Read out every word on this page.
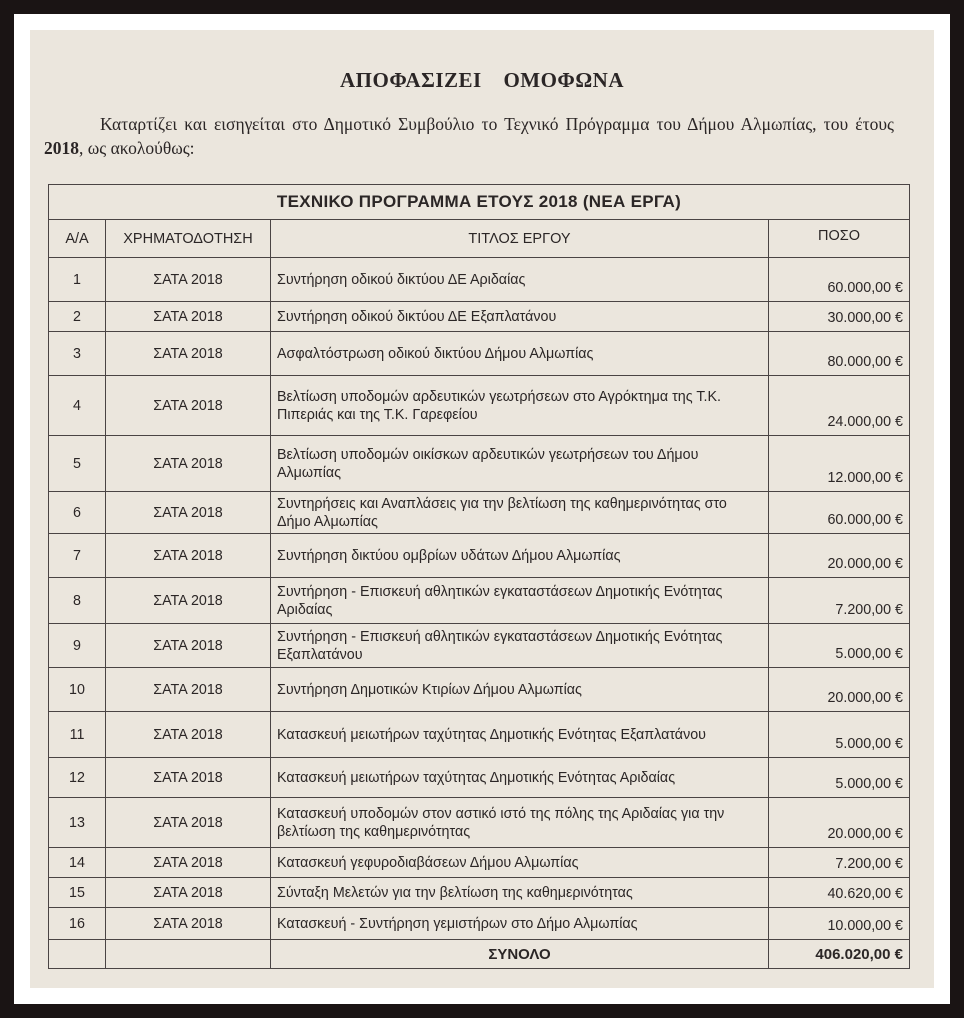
ΑΠΟΦΑΣΙΖΕΙ ΟΜΟΦΩΝΑ
Καταρτίζει και εισηγείται στο Δημοτικό Συμβούλιο το Τεχνικό Πρόγραμμα του Δήμου Αλμωπίας, του έτους 2018, ως ακολούθως:
ΤΕΧΝΙΚΟ ΠΡΟΓΡΑΜΜΑ ΕΤΟΥΣ 2018 (ΝΕΑ ΕΡΓΑ)			
Α/Α	ΧΡΗΜΑΤΟΔΟΤΗΣΗ	ΤΙΤΛΟΣ ΕΡΓΟΥ	ΠΟΣΟ
1	ΣΑΤΑ 2018	Συντήρηση οδικού δικτύου ΔΕ Αριδαίας	60.000,00 €
2	ΣΑΤΑ 2018	Συντήρηση οδικού δικτύου ΔΕ Εξαπλατάνου	30.000,00 €
3	ΣΑΤΑ 2018	Ασφαλτόστρωση οδικού δικτύου Δήμου Αλμωπίας	80.000,00 €
4	ΣΑΤΑ 2018	Βελτίωση υποδομών αρδευτικών γεωτρήσεων στο Αγρόκτημα της Τ.Κ. Πιπεριάς και της Τ.Κ. Γαρεφείου	24.000,00 €
5	ΣΑΤΑ 2018	Βελτίωση υποδομών οικίσκων αρδευτικών γεωτρήσεων του Δήμου Αλμωπίας	12.000,00 €
6	ΣΑΤΑ 2018	Συντηρήσεις και Αναπλάσεις για την βελτίωση της καθημερινότητας στο Δήμο Αλμωπίας	60.000,00 €
7	ΣΑΤΑ 2018	Συντήρηση δικτύου ομβρίων υδάτων Δήμου Αλμωπίας	20.000,00 €
8	ΣΑΤΑ 2018	Συντήρηση - Επισκευή αθλητικών εγκαταστάσεων Δημοτικής Ενότητας Αριδαίας	7.200,00 €
9	ΣΑΤΑ 2018	Συντήρηση - Επισκευή αθλητικών εγκαταστάσεων Δημοτικής Ενότητας Εξαπλατάνου	5.000,00 €
10	ΣΑΤΑ 2018	Συντήρηση Δημοτικών Κτιρίων Δήμου Αλμωπίας	20.000,00 €
11	ΣΑΤΑ 2018	Κατασκευή μειωτήρων ταχύτητας Δημοτικής Ενότητας Εξαπλατάνου	5.000,00 €
12	ΣΑΤΑ 2018	Κατασκευή μειωτήρων ταχύτητας Δημοτικής Ενότητας Αριδαίας	5.000,00 €
13	ΣΑΤΑ 2018	Κατασκευή υποδομών στον αστικό ιστό της πόλης της Αριδαίας για την βελτίωση της καθημερινότητας	20.000,00 €
14	ΣΑΤΑ 2018	Κατασκευή γεφυροδιαβάσεων Δήμου Αλμωπίας	7.200,00 €
15	ΣΑΤΑ 2018	Σύνταξη Μελετών για την βελτίωση της καθημερινότητας	40.620,00 €
16	ΣΑΤΑ 2018	Κατασκευή - Συντήρηση γεμιστήρων στο Δήμο Αλμωπίας	10.000,00 €
		ΣΥΝΟΛΟ	406.020,00 €
